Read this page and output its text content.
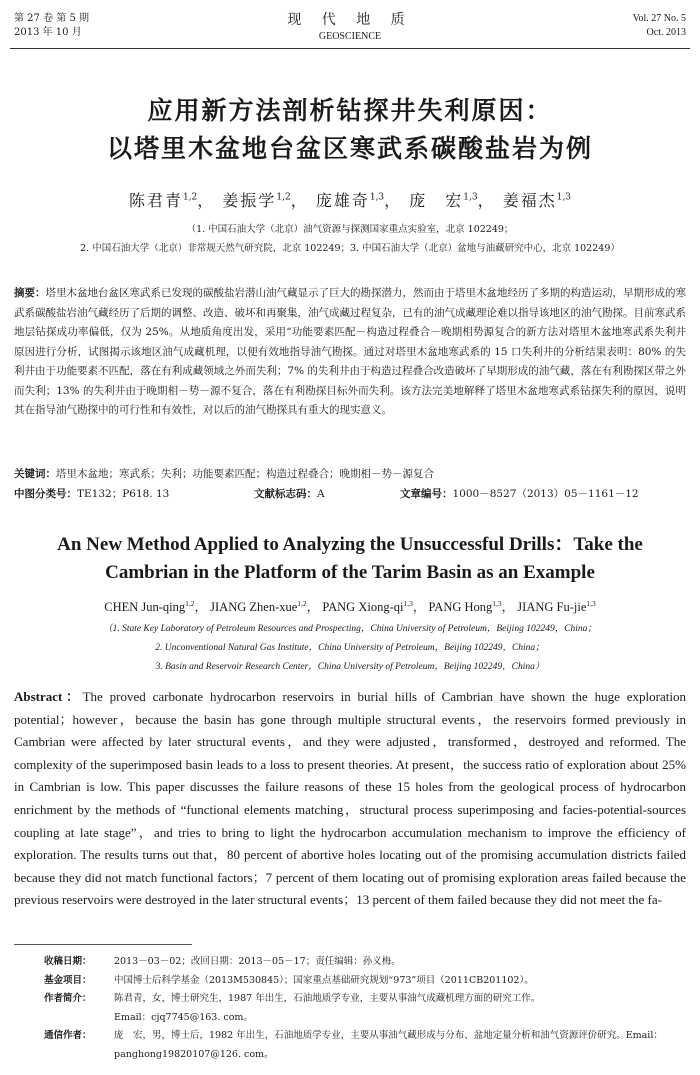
第 27 卷 第 5 期
2013 年 10 月
现 代 地 质
GEOSCIENCE
Vol. 27 No. 5
Oct. 2013
应用新方法剖析钻探井失利原因：
以塔里木盆地台盆区寒武系碳酸盐岩为例
陈君青$^{1,2}$， 姜振学$^{1,2}$， 庞雄奇$^{1,3}$， 庞　宏$^{1,3}$， 姜福杰$^{1,3}$
（1. 中国石油大学（北京）油气资源与探测国家重点实验室，北京 102249；
2. 中国石油大学（北京）非常规天然气研究院，北京 102249；3. 中国石油大学（北京）盆地与油藏研究中心，北京 102249）
摘要：塔里木盆地台盆区寒武系已发现的碳酸盐岩潜山油气藏显示了巨大的勘探潜力，然而由于塔里木盆地经历了多期的构造运动，早期形成的寒武系碳酸盐岩油气藏经历了后期的调整、改造、破坏和再聚集，油气成藏过程复杂，已有的油气成藏理论难以指导该地区的油气勘探。目前寒武系地层钻探成功率偏低，仅为 25%。从地质角度出发，采用“功能要素匹配－构造过程叠合－晚期相势源复合的新方法对塔里木盆地寒武系失利井原因进行分析，试图揭示该地区油气成藏机理，以便有效地指导油气勘探。通过对塔里木盆地寒武系的 15 口失利井的分析结果表明：80% 的失利井由于功能要素不匹配，落在有利成藏领域之外而失利；7% 的失利井由于构造过程叠合改造破坏了早期形成的油气藏，落在有利勘探区带之外而失利；13% 的失利井由于晚期相－势－源不复合，落在有利勘探目标外而失利。该方法完美地解释了塔里木盆地寒武系钻探失利的原因，说明其在指导油气勘探中的可行性和有效性，对以后的油气勘探具有重大的现实意义。
关键词：塔里木盆地；寒武系；失利；功能要素匹配；构造过程叠合；晚期相－势－源复合
中图分类号：TE132；P618. 13	文献标志码：A	文章编号：1000－8527（2013）05－1161－12
An New Method Applied to Analyzing the Unsuccessful Drills：Take the
Cambrian in the Platform of the Tarim Basin as an Example
CHEN Jun-qing$^{1,2}$， JIANG Zhen-xue$^{1,2}$， PANG Xiong-qi$^{1,3}$， PANG Hong$^{1,3}$， JIANG Fu-jie$^{1,3}$
（1. State Key Laboratory of Petroleum Resources and Prospecting，China University of Petroleum，Beijing 102249，China；
2. Unconventional Natural Gas Institute，China University of Petroleum，Beijing 102249，China；
3. Basin and Reservoir Research Center，China University of Petroleum，Beijing 102249，China）
Abstract：The proved carbonate hydrocarbon reservoirs in burial hills of Cambrian have shown the huge exploration potential；however，because the basin has gone through multiple structural events，the reservoirs formed previously in Cambrian were affected by later structural events，and they were adjusted，transformed，destroyed and reformed. The complexity of the superimposed basin leads to a loss to present theories. At present，the success ratio of exploration about 25% in Cambrian is low. This paper discusses the failure reasons of these 15 holes from the geological process of hydrocarbon enrichment by the methods of “functional elements matching，structural process superimposing and facies-potential-sources coupling at late stage”，and tries to bring to light the hydrocarbon accumulation mechanism to improve the efficiency of exploration. The results turns out that，80 percent of abortive holes locating out of the promising accumulation districts failed because they did not match functional factors；7 percent of them locating out of promising exploration areas failed because the previous reservoirs were destroyed in the later structural events；13 percent of them failed because they did not meet the fa-
收稿日期： 2013－03－02；改回日期：2013－05－17；责任编辑：孙义梅。
基金项目： 中国博士后科学基金（2013M530845）；国家重点基础研究规划“973”项目（2011CB201102）。
作者简介： 陈君青，女，博士研究生，1987 年出生，石油地质学专业，主要从事油气成藏机理方面的研究工作。
Email：cjq7745@163. com。
通信作者： 庞　宏，男，博士后，1982 年出生，石油地质学专业，主要从事油气藏形成与分布、盆地定量分析和油气资源评价研究。Email：panghong19820107@126. com。
